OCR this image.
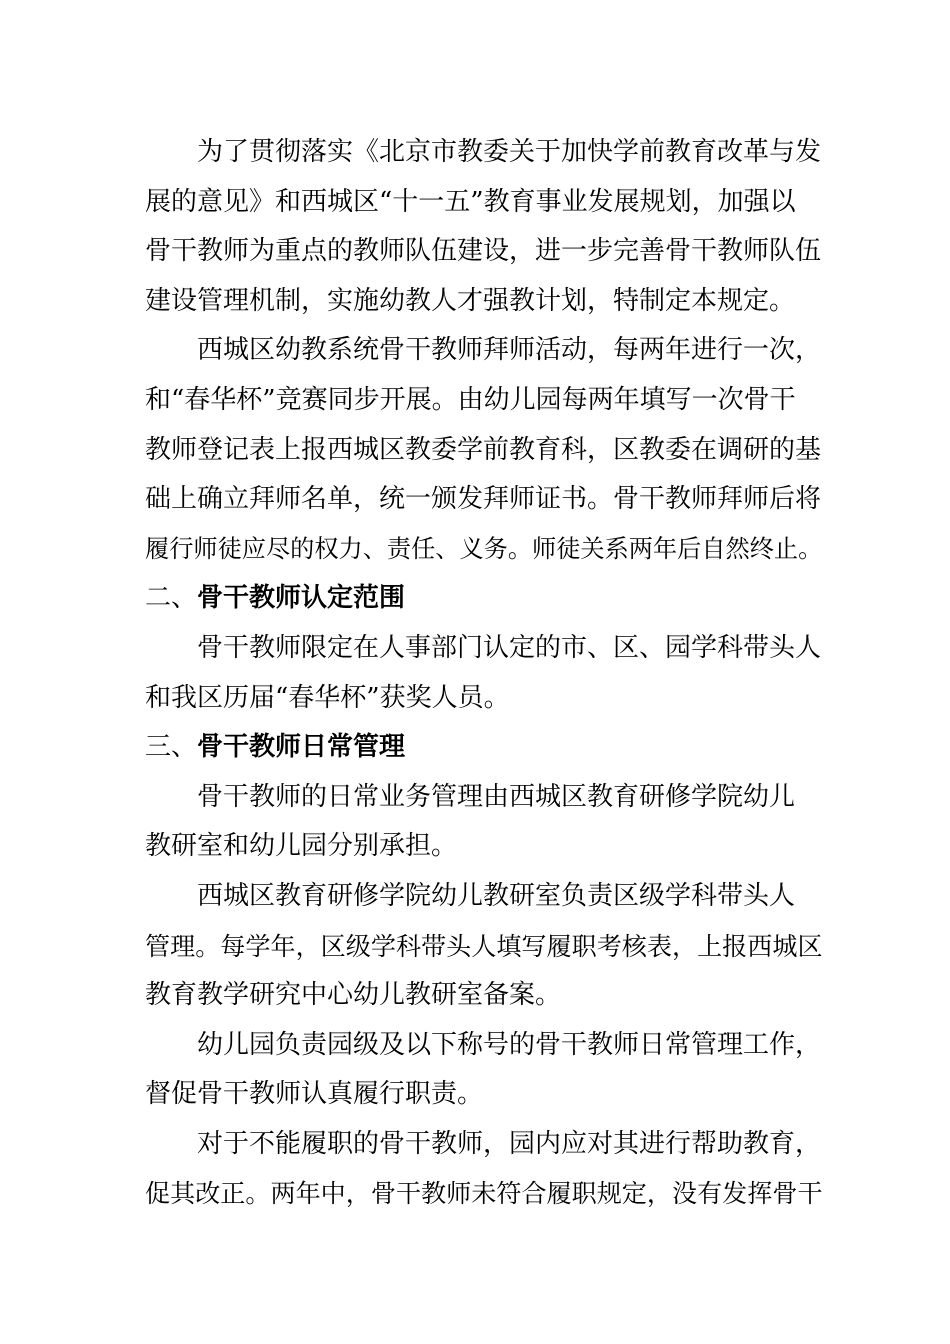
为了贯彻落实《北京市教委关于加快学前教育改革与发
展的意见》和西城区“十一五”教育事业发展规划，加强以
骨干教师为重点的教师队伍建设，进一步完善骨干教师队伍
建设管理机制，实施幼教人才强教计划，特制定本规定。
西城区幼教系统骨干教师拜师活动，每两年进行一次，
和“春华杯”竞赛同步开展。由幼儿园每两年填写一次骨干
教师登记表上报西城区教委学前教育科，区教委在调研的基
础上确立拜师名单，统一颁发拜师证书。骨干教师拜师后将
履行师徒应尽的权力、责任、义务。师徒关系两年后自然终止。
二、骨干教师认定范围
骨干教师限定在人事部门认定的市、区、园学科带头人
和我区历届“春华杯”获奖人员。
三、骨干教师日常管理
骨干教师的日常业务管理由西城区教育研修学院幼儿
教研室和幼儿园分别承担。
西城区教育研修学院幼儿教研室负责区级学科带头人
管理。每学年，区级学科带头人填写履职考核表，上报西城区
教育教学研究中心幼儿教研室备案。
幼儿园负责园级及以下称号的骨干教师日常管理工作，
督促骨干教师认真履行职责。
对于不能履职的骨干教师，园内应对其进行帮助教育，
促其改正。两年中，骨干教师未符合履职规定，没有发挥骨干
